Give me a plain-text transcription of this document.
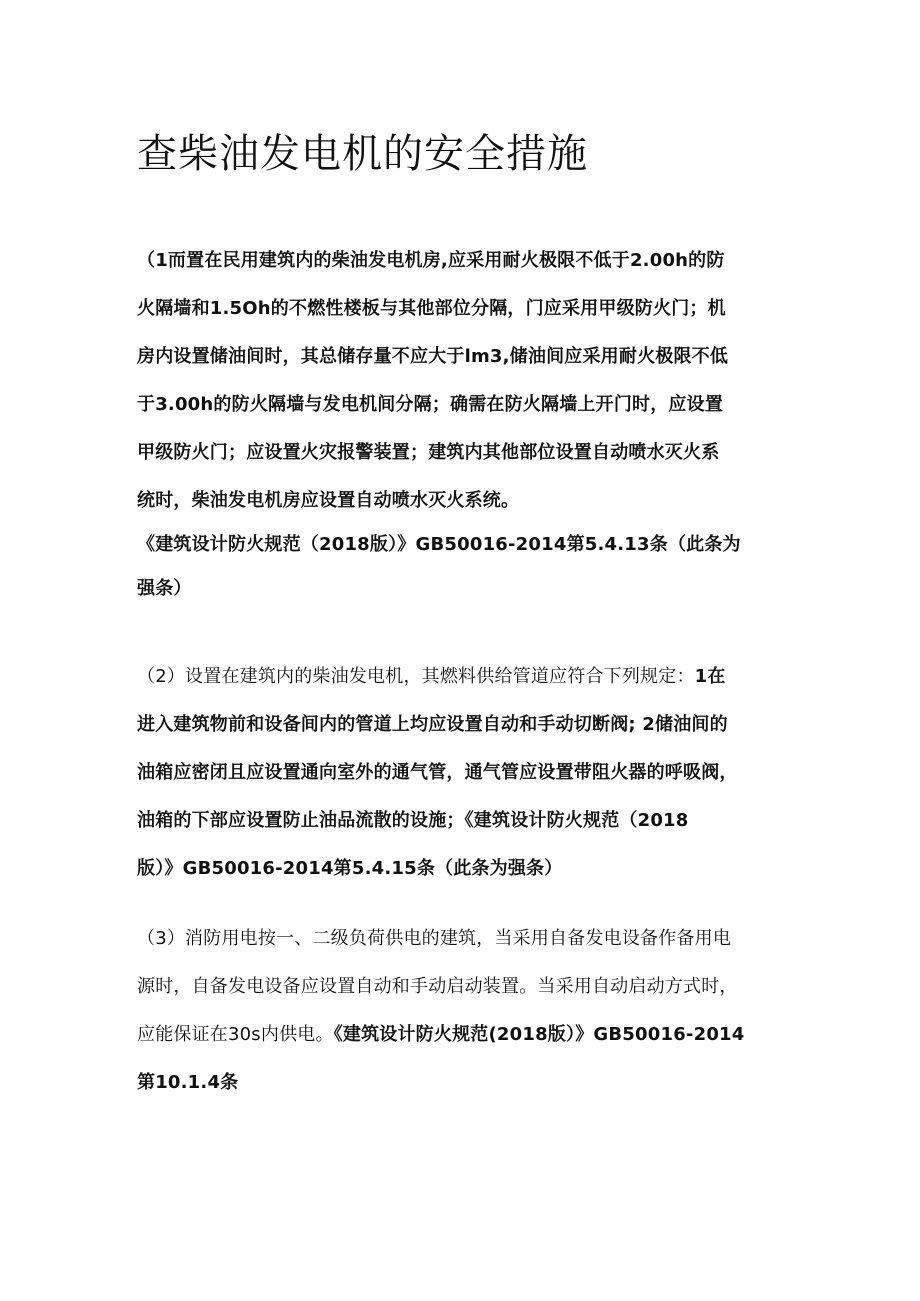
查柴油发电机的安全措施
（1而置在民用建筑内的柴油发电机房,应采用耐火极限不低于2.00h的防
火隔墙和1.5Oh的不燃性楼板与其他部位分隔，门应采用甲级防火门；机
房内设置储油间时，其总储存量不应大于lm3,储油间应采用耐火极限不低
于3.00h的防火隔墙与发电机间分隔；确需在防火隔墙上开门时，应设置
甲级防火门；应设置火灾报警装置；建筑内其他部位设置自动喷水灭火系
统时，柴油发电机房应设置自动喷水灭火系统。
《建筑设计防火规范（2018版）》GB50016-2014第5.4.13条（此条为
强条）
（2）设置在建筑内的柴油发电机，其燃料供给管道应符合下列规定：1在
进入建筑物前和设备间内的管道上均应设置自动和手动切断阀; 2储油间的
油箱应密闭且应设置通向室外的通气管，通气管应设置带阻火器的呼吸阀，
油箱的下部应设置防止油品流散的设施；《建筑设计防火规范（2018
版）》GB50016-2014第5.4.15条（此条为强条）
（3）消防用电按一、二级负荷供电的建筑，当采用自备发电设备作备用电
源时，自备发电设备应设置自动和手动启动装置。当采用自动启动方式时，
应能保证在30s内供电。《建筑设计防火规范(2018版）》GB50016-2014
第10.1.4条
